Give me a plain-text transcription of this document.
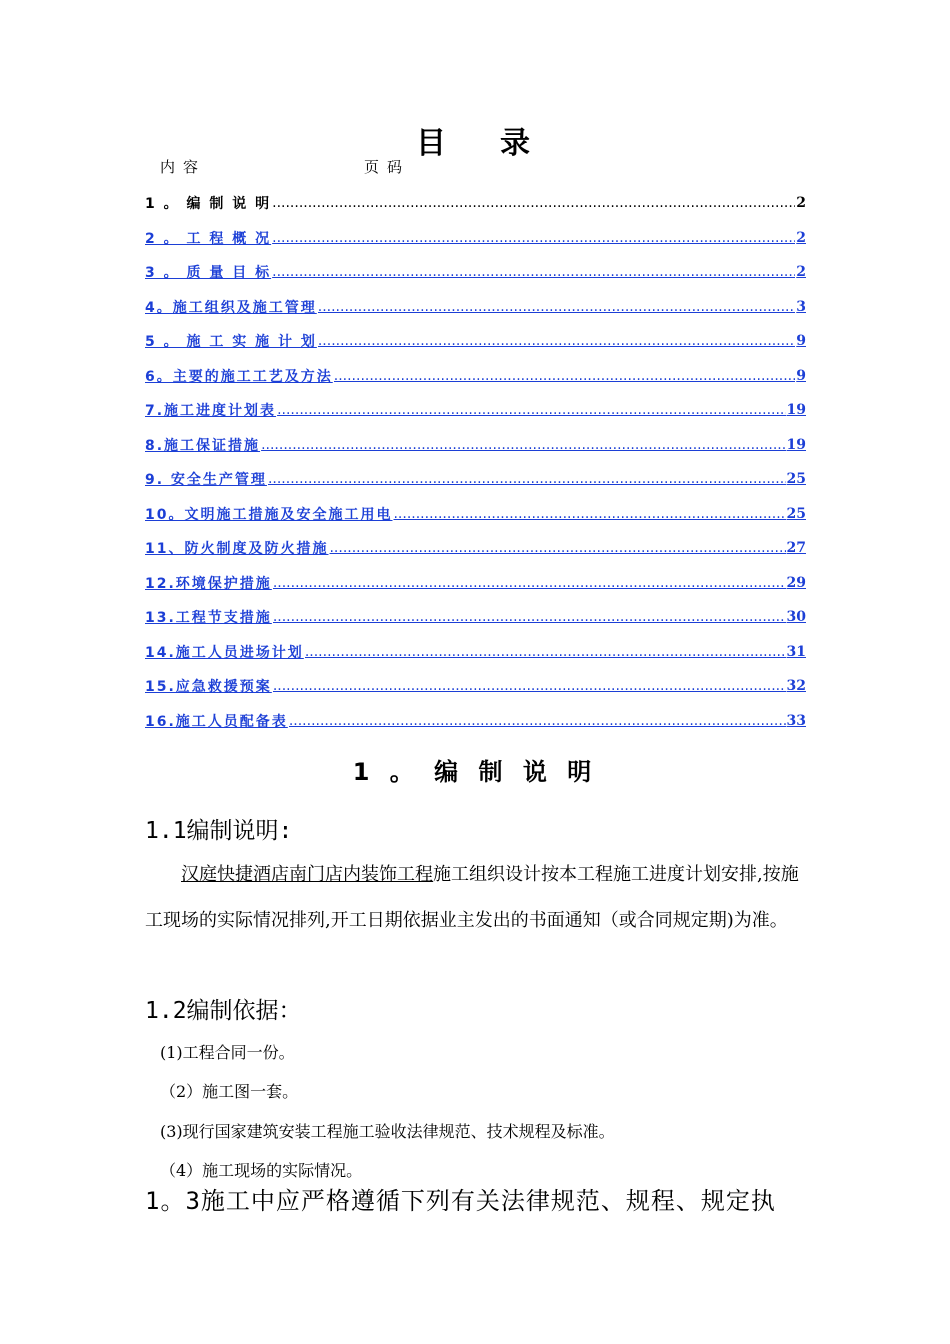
目 录
内容	页码
1 。 编 制 说 明 .....	2
2 。 工 程 概 况 .....	2
3 。 质 量 目 标 .....	2
4。施工组织及施工管理 .....	3
5 。 施 工 实 施 计 划 .....	9
6。主要的施工工艺及方法 .....	9
7.施工进度计划表 .....	19
8.施工保证措施 .....	19
9. 安全生产管理 .....	25
10。文明施工措施及安全施工用电 .....	25
11、防火制度及防火措施 .....	27
12.环境保护措施 .....	29
13.工程节支措施 .....	30
14.施工人员进场计划 .....	31
15.应急救援预案 .....	32
16.施工人员配备表 .....	33
1 。 编 制 说 明
1.1编制说明:
汉庭快捷酒店南门店内装饰工程施工组织设计按本工程施工进度计划安排,按施工现场的实际情况排列,开工日期依据业主发出的书面通知（或合同规定期)为准。
1.2编制依据：
(1)工程合同一份。
（2）施工图一套。
(3)现行国家建筑安装工程施工验收法律规范、技术规程及标准。
（4）施工现场的实际情况。
1。3施工中应严格遵循下列有关法律规范、规程、规定执
